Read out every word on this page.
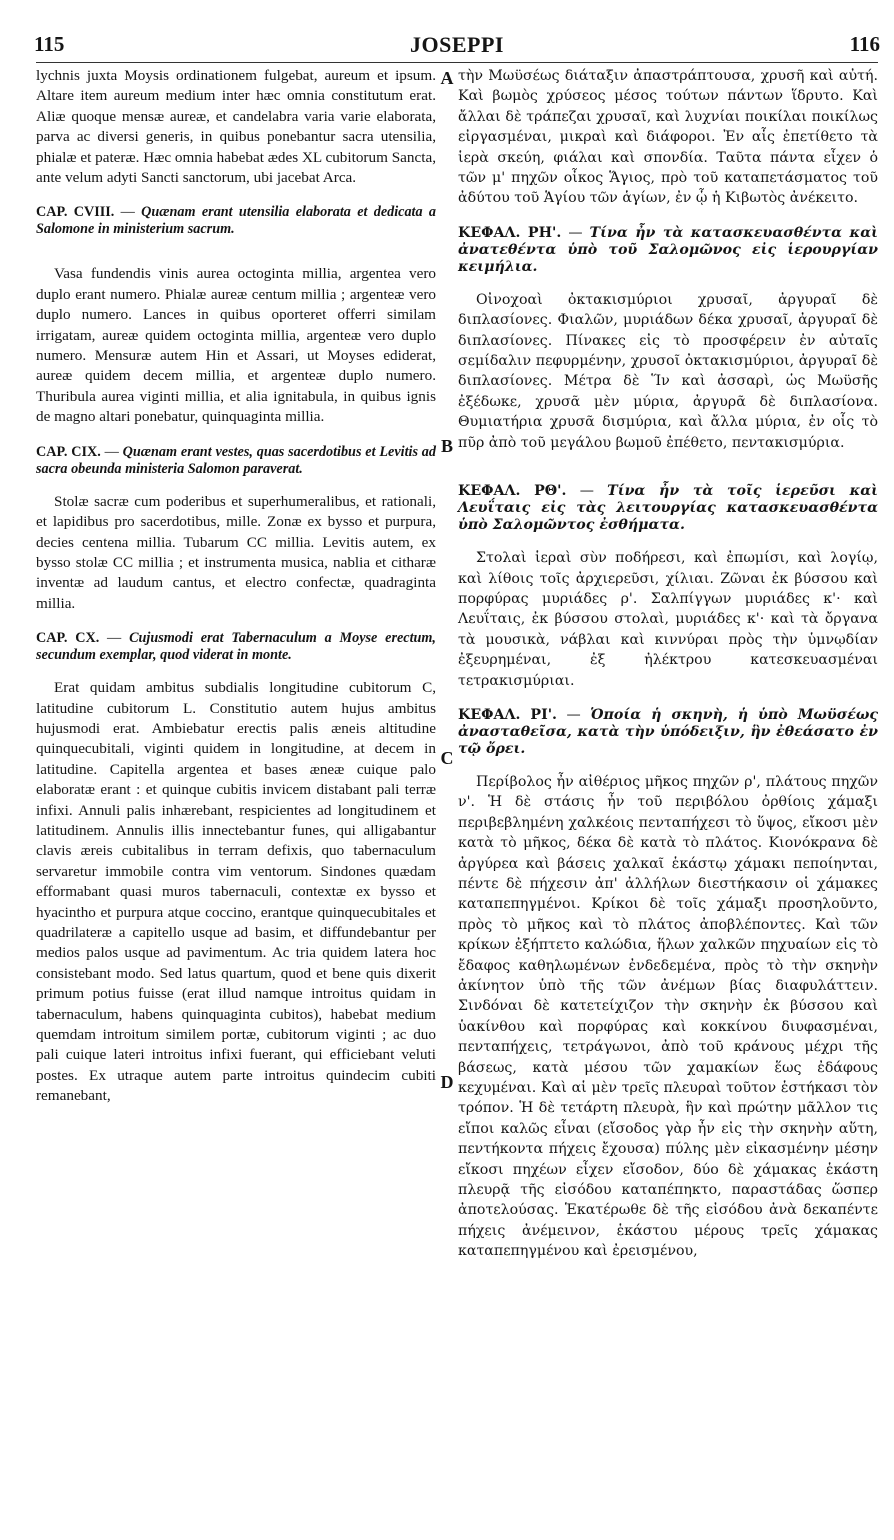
115	JOSEPPI	116

lychnis juxta Moysis ordinationem fulgebat, aureum et ipsum. Altare item aureum medium inter hæc omnia constitutum erat. Aliæ quoque mensæ aureæ, et candelabra varia varie elaborata, parva ac diversi generis, in quibus ponebantur sacra utensilia, phialæ et pateræ. Hæc omnia habebat ædes XL cubitorum Sancta, ante velum adyti Sancti sanctorum, ubi jacebat Arca.

CAP. CVIII. — Quænam erant utensilia elaborata et dedicata a Salomone in ministerium sacrum.

Vasa fundendis vinis aurea octoginta millia, argentea vero duplo erant numero. Phialæ aureæ centum millia ; argenteæ vero duplo numero. Lances in quibus oporteret offerri similam irrigatam, aureæ quidem octoginta millia, argenteæ vero duplo numero. Mensuræ autem Hin et Assari, ut Moyses ediderat, aureæ quidem decem millia, et argenteæ duplo numero. Thuribula aurea viginti millia, et alia ignitabula, in quibus ignis de magno altari ponebatur, quinquaginta millia.

CAP. CIX. — Quænam erant vestes, quas sacerdotibus et Levitis ad sacra obeunda ministeria Salomon paraverat.

Stolæ sacræ cum poderibus et superhumeralibus, et rationali, et lapidibus pro sacerdotibus, mille. Zonæ ex bysso et purpura, decies centena millia. Tubarum CC millia. Levitis autem, ex bysso stolæ CC millia ; et instrumenta musica, nablia et citharæ inventæ ad laudum cantus, et electro confectæ, quadraginta millia.

CAP. CX. — Cujusmodi erat Tabernaculum a Moyse erectum, secundum exemplar, quod viderat in monte.

Erat quidam ambitus subdialis longitudine cubitorum C, latitudine cubitorum L. Constitutio autem hujus ambitus hujusmodi erat. Ambiebatur erectis palis æneis altitudine quinquecubitali, viginti quidem in longitudine, at decem in latitudine. Capitella argentea et bases æneæ cuique palo elaboratæ erant : et quinque cubitis invicem distabant pali terræ infixi. Annuli palis inhærebant, respicientes ad longitudinem et latitudinem. Annulis illis innectebantur funes, qui alligabantur clavis æreis cubitalibus in terram defixis, quo tabernaculum servaretur immobile contra vim ventorum. Sindones quædam efformabant quasi muros tabernaculi, contextæ ex bysso et hyacintho et purpura atque coccino, erantque quinquecubitales et quadrilateræ a capitello usque ad basim, et diffundebantur per medios palos usque ad pavimentum. Ac tria quidem latera hoc consistebant modo. Sed latus quartum, quod et bene quis dixerit primum potius fuisse (erat illud namque introitus quidam in tabernaculum, habens quinquaginta cubitos), habebat medium quemdam introitum similem portæ, cubitorum viginti ; ac duo pali cuique lateri introitus infixi fuerant, qui efficiebant veluti postes. Ex utraque autem parte introitus quindecim cubiti remanebant,

A
B
C
D

τὴν Μωϋσέως διάταξιν ἀπαστράπτουσα, χρυσῆ καὶ αὐτή. Καὶ βωμὸς χρύσεος μέσος τούτων πάντων ἵδρυτο. Καὶ ἄλλαι δὲ τράπεζαι χρυσαῖ, καὶ λυχνίαι ποικίλαι ποικίλως εἰργασμέναι, μικραὶ καὶ διάφοροι. Ἐν αἷς ἐπετίθετο τὰ ἱερὰ σκεύη, φιάλαι καὶ σπονδία. Ταῦτα πάντα εἶχεν ὁ τῶν μ' πηχῶν οἶκος Ἅγιος, πρὸ τοῦ καταπετάσματος τοῦ ἀδύτου τοῦ Ἁγίου τῶν ἁγίων, ἐν ᾧ ἡ Κιβωτὸς ἀνέκειτο.

ΚΕΦΑΛ. ΡΗ'. — Τίνα ἦν τὰ κατασκευασθέντα καὶ ἀνατεθέντα ὑπὸ τοῦ Σαλομῶνος εἰς ἱερουργίαν κειμήλια.

Οἰνοχοαὶ ὀκτακισμύριοι χρυσαῖ, ἀργυραῖ δὲ διπλασίονες. Φιαλῶν, μυριάδων δέκα χρυσαῖ, ἀργυραῖ δὲ διπλασίονες. Πίνακες εἰς τὸ προσφέρειν ἐν αὐταῖς σεμίδαλιν πεφυρμένην, χρυσοῖ ὀκτακισμύριοι, ἀργυραῖ δὲ διπλασίονες. Μέτρα δὲ Ἵν καὶ ἀσσαρὶ, ὡς Μωϋσῆς ἐξέδωκε, χρυσᾶ μὲν μύρια, ἀργυρᾶ δὲ διπλασίονα. Θυμιατήρια χρυσᾶ δισμύρια, καὶ ἄλλα μύρια, ἐν οἷς τὸ πῦρ ἀπὸ τοῦ μεγάλου βωμοῦ ἐπέθετο, πεντακισμύρια.

ΚΕΦΑΛ. ΡΘ'. — Τίνα ἦν τὰ τοῖς ἱερεῦσι καὶ Λευΐταις εἰς τὰς λειτουργίας κατασκευασθέντα ὑπὸ Σαλομῶντος ἐσθήματα.

Στολαὶ ἱεραὶ σὺν ποδήρεσι, καὶ ἐπωμίσι, καὶ λογίῳ, καὶ λίθοις τοῖς ἀρχιερεῦσι, χίλιαι. Ζῶναι ἐκ βύσσου καὶ πορφύρας μυριάδες ρ'. Σαλπίγγων μυριάδες κ'· καὶ Λευΐταις, ἐκ βύσσου στολαὶ, μυριάδες κ'· καὶ τὰ ὄργανα τὰ μουσικὰ, νάβλαι καὶ κιννύραι πρὸς τὴν ὑμνῳδίαν ἐξευρημέναι, ἐξ ἠλέκτρου κατεσκευασμέναι τετρακισμύριαι.

ΚΕΦΑΛ. ΡΙ'. — Ὁποία ἡ σκηνὴ, ἡ ὑπὸ Μωϋσέως ἀνασταθεῖσα, κατὰ τὴν ὑπόδειξιν, ἣν ἐθεάσατο ἐν τῷ ὄρει.

Περίβολος ἦν αἰθέριος μῆκος πηχῶν ρ', πλάτους πηχῶν ν'. Ἡ δὲ στάσις ἦν τοῦ περιβόλου ὀρθίοις χάμαξι περιβεβλημένη χαλκέοις πενταπήχεσι τὸ ὕψος, εἴκοσι μὲν κατὰ τὸ μῆκος, δέκα δὲ κατὰ τὸ πλάτος. Κιονόκρανα δὲ ἀργύρεα καὶ βάσεις χαλκαῖ ἑκάστῳ χάμακι πεποίηνται, πέντε δὲ πήχεσιν ἀπ' ἀλλήλων διεστήκασιν οἱ χάμακες καταπεπηγμένοι. Κρίκοι δὲ τοῖς χάμαξι προσηλοῦντο, πρὸς τὸ μῆκος καὶ τὸ πλάτος ἀποβλέποντες. Καὶ τῶν κρίκων ἐξήπτετο καλώδια, ἥλων χαλκῶν πηχυαίων εἰς τὸ ἔδαφος καθηλωμένων ἐνδεδεμένα, πρὸς τὸ τὴν σκηνὴν ἀκίνητον ὑπὸ τῆς τῶν ἀνέμων βίας διαφυλάττειν. Σινδόναι δὲ κατετείχιζον τὴν σκηνὴν ἐκ βύσσου καὶ ὑακίνθου καὶ πορφύρας καὶ κοκκίνου διυφασμέναι, πενταπήχεις, τετράγωνοι, ἀπὸ τοῦ κράνους μέχρι τῆς βάσεως, κατὰ μέσου τῶν χαμακίων ἕως ἐδάφους κεχυμέναι. Καὶ αἱ μὲν τρεῖς πλευραὶ τοῦτον ἑστήκασι τὸν τρόπον. Ἡ δὲ τετάρτη πλευρὰ, ἣν καὶ πρώτην μᾶλλον τις εἴποι καλῶς εἶναι (εἴσοδος γὰρ ἦν εἰς τὴν σκηνὴν αὕτη, πεντήκοντα πήχεις ἔχουσα) πύλης μὲν εἰκασμένην μέσην εἴκοσι πηχέων εἶχεν εἴσοδον, δύο δὲ χάμακας ἑκάστη πλευρᾷ τῆς εἰσόδου καταπέπηκτο, παραστάδας ὥσπερ ἀποτελούσας. Ἑκατέρωθε δὲ τῆς εἰσόδου ἀνὰ δεκαπέντε πήχεις ἀνέμεινον, ἑκάστου μέρους τρεῖς χάμακας καταπεπηγμένου καὶ ἐρεισμένου,
